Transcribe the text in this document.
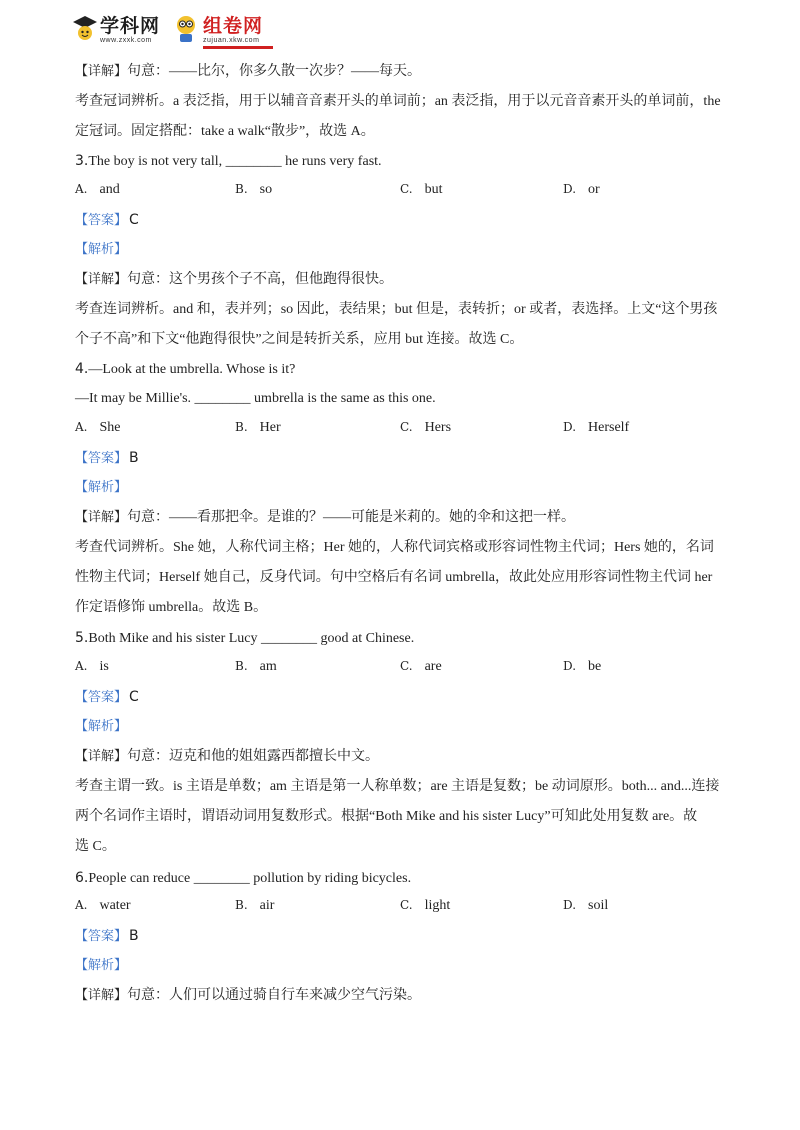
学科网
www.zxxk.com
组卷网
zujuan.xkw.com
【详解】句意：——比尔，你多久散一次步？——每天。
考查冠词辨析。a 表泛指，用于以辅音音素开头的单词前；an 表泛指，用于以元音音素开头的单词前，the
定冠词。固定搭配：take a walk“散步”，故选 A。
3.The boy is not very tall, ________ he runs very fast.
A. and	B. so	C. but	D. or
【答案】 C
【解析】
【详解】句意：这个男孩个子不高，但他跑得很快。
考查连词辨析。and 和，表并列；so 因此，表结果；but 但是，表转折；or 或者，表选择。上文“这个男孩
个子不高”和下文“他跑得很快”之间是转折关系，应用 but 连接。故选 C。
4.—Look at the umbrella. Whose is it?
—It may be Millie's. ________ umbrella is the same as this one.
A. She	B. Her	C. Hers	D. Herself
【答案】 B
【解析】
【详解】句意：——看那把伞。是谁的？——可能是米莉的。她的伞和这把一样。
考查代词辨析。She 她，人称代词主格；Her 她的，人称代词宾格或形容词性物主代词；Hers 她的，名词
性物主代词；Herself 她自己，反身代词。句中空格后有名词 umbrella，故此处应用形容词性物主代词 her
作定语修饰 umbrella。故选 B。
5.Both Mike and his sister Lucy ________ good at Chinese.
A. is	B. am	C. are	D. be
【答案】 C
【解析】
【详解】句意：迈克和他的姐姐露西都擅长中文。
考查主谓一致。is 主语是单数；am 主语是第一人称单数；are 主语是复数；be 动词原形。both... and...连接
两个名词作主语时，谓语动词用复数形式。根据“Both Mike and his sister Lucy”可知此处用复数 are。故
选 C。
6.People can reduce ________ pollution by riding bicycles.
A. water	B. air	C. light	D. soil
【答案】 B
【解析】
【详解】句意：人们可以通过骑自行车来减少空气污染。
